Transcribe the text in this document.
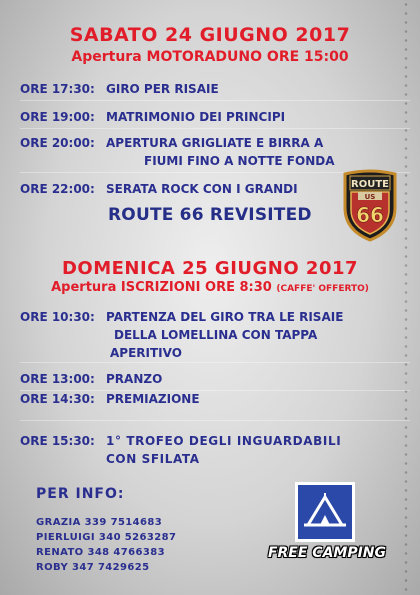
SABATO 24 GIUGNO 2017
Apertura MOTORADUNO ORE 15:00
ORE 17:30: GIRO PER RISAIE
ORE 19:00: MATRIMONIO DEI PRINCIPI
ORE 20:00: APERTURA GRIGLIATE E BIRRA A
FIUMI FINO A NOTTE FONDA
ORE 22:00: SERATA ROCK CON I GRANDI
ROUTE 66 REVISITED
ROUTE
US
66
DOMENICA 25 GIUGNO 2017
Apertura ISCRIZIONI ORE 8:30 (CAFFE' OFFERTO)
ORE 10:30: PARTENZA DEL GIRO TRA LE RISAIE
DELLA LOMELLINA CON TAPPA
APERITIVO
ORE 13:00: PRANZO
ORE 14:30: PREMIAZIONE
ORE 15:30: 1° TROFEO DEGLI INGUARDABILI
CON SFILATA
PER INFO:
GRAZIA 339 7514683
PIERLUIGI 340 5263287
RENATO 348 4766383
ROBY 347 7429625
FREE CAMPING
